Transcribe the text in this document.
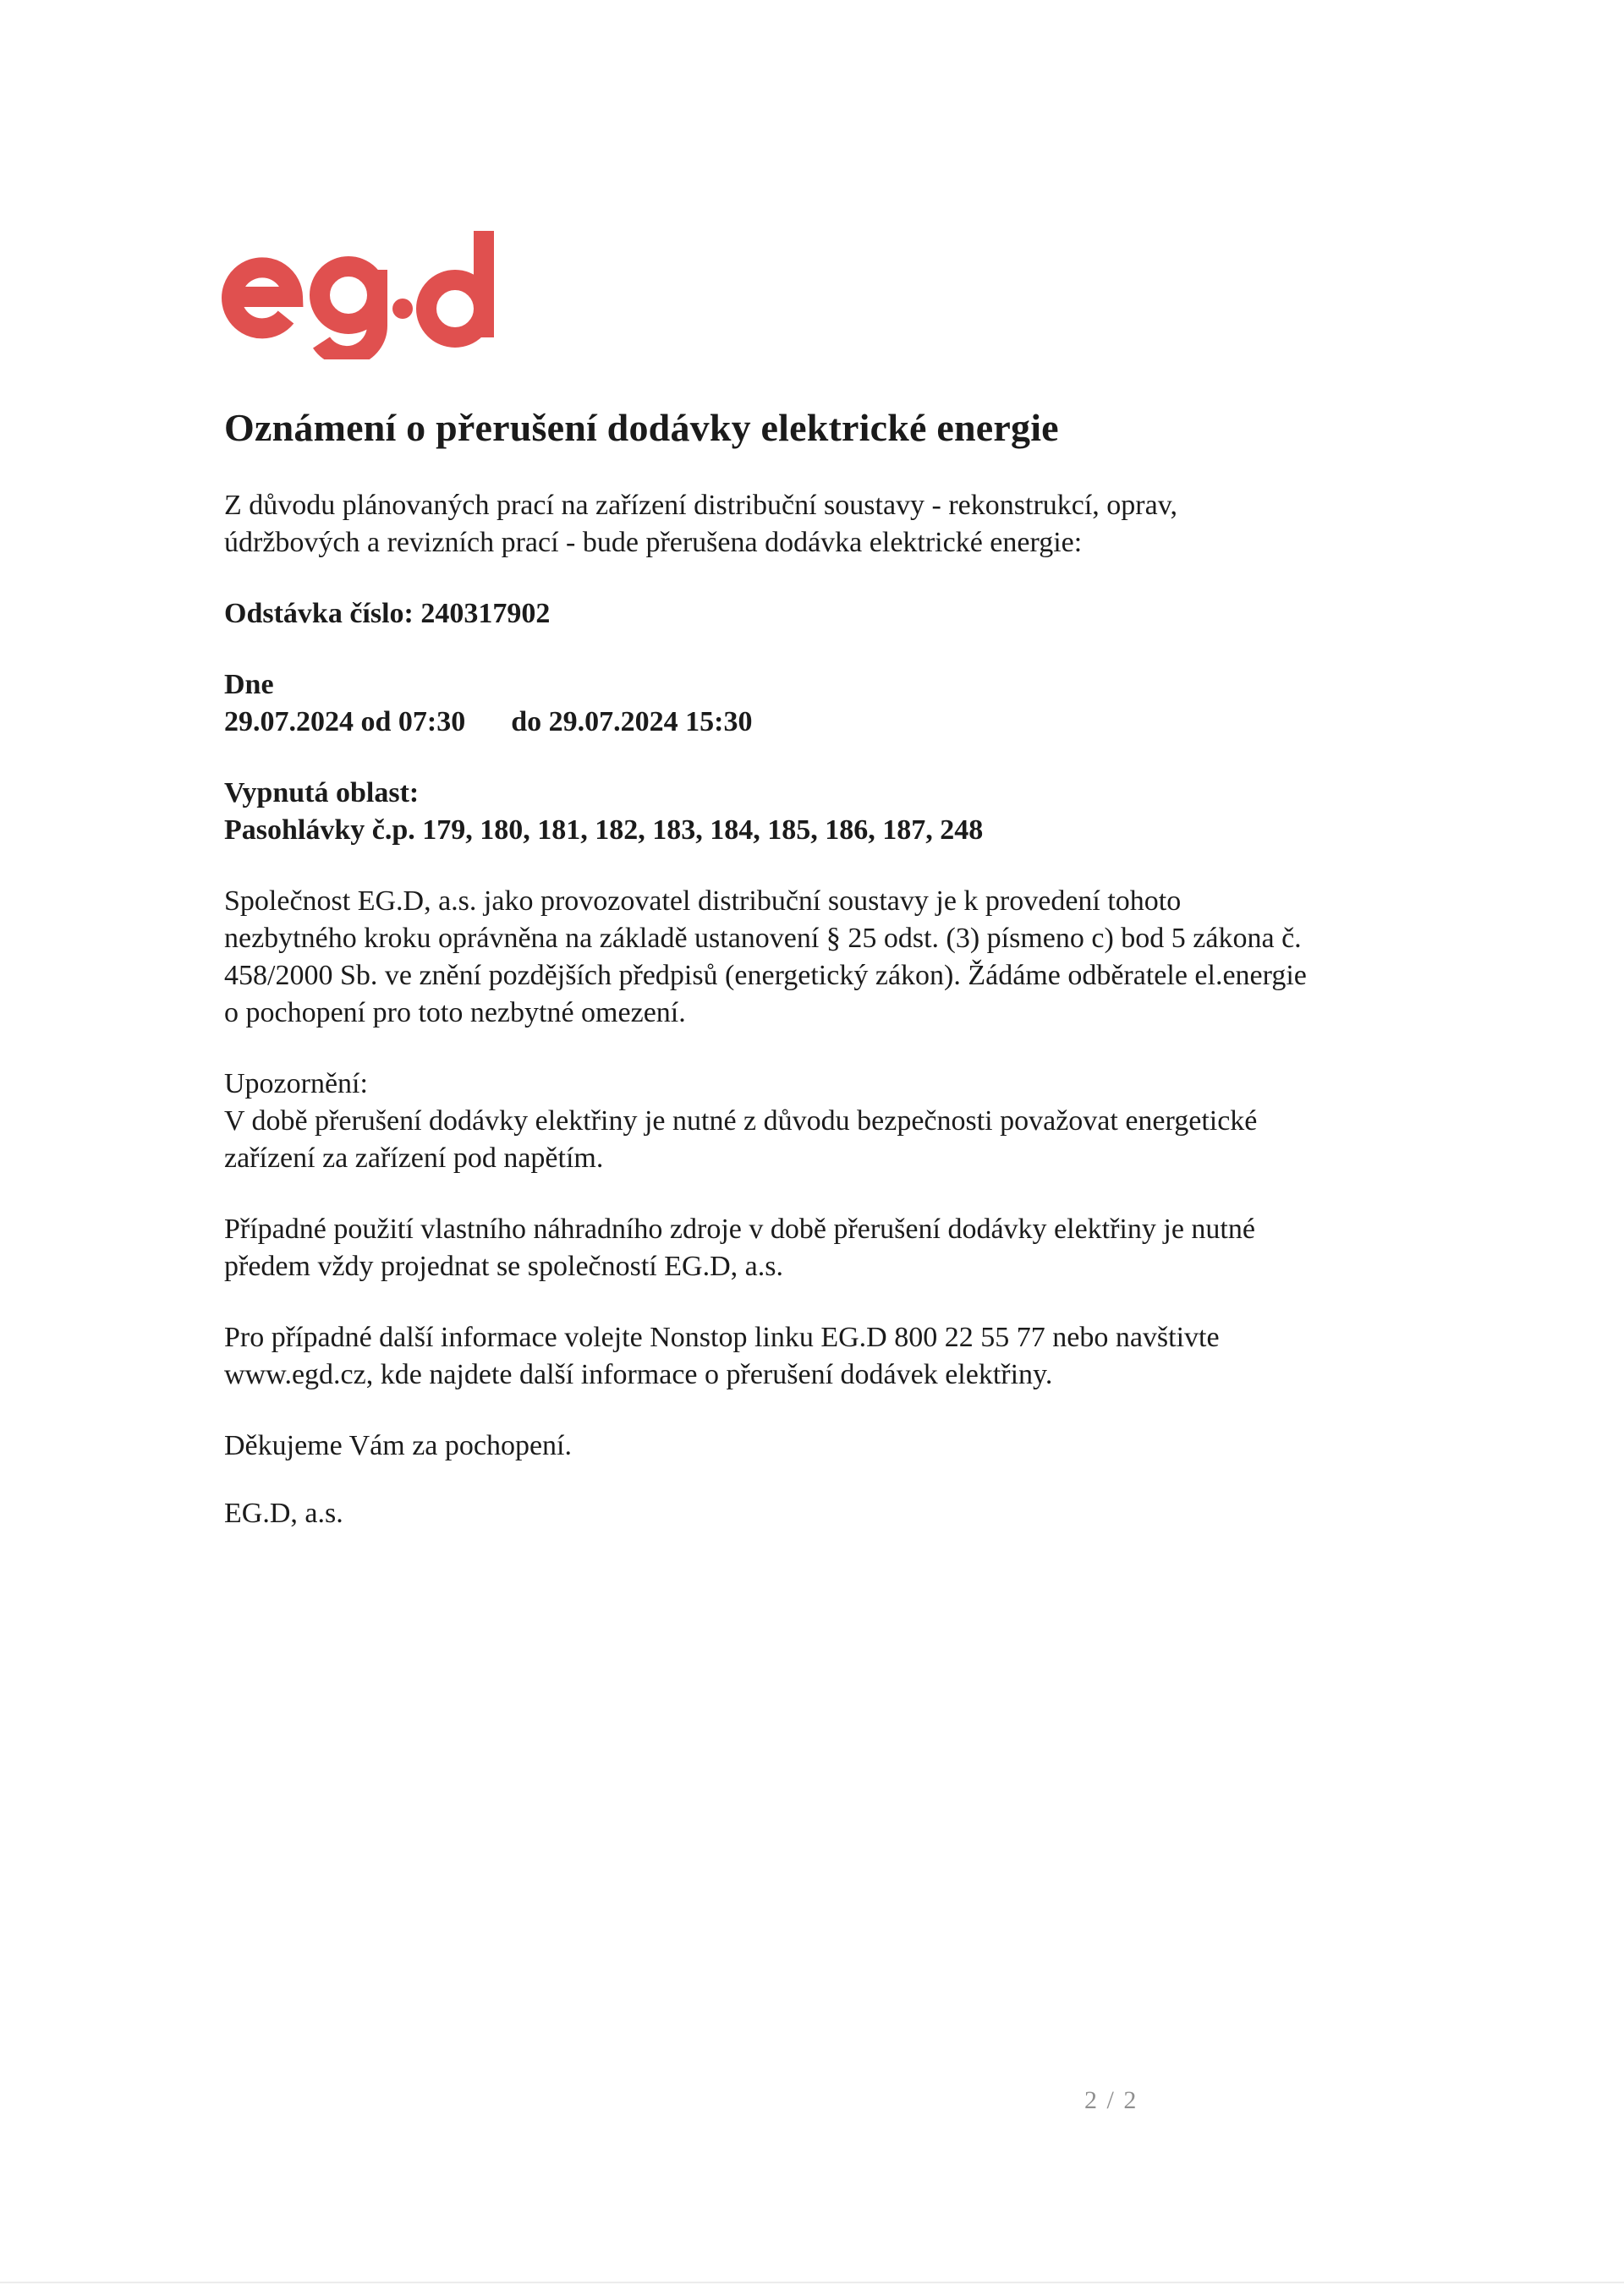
Oznámení o přerušení dodávky elektrické energie

Z důvodu plánovaných prací na zařízení distribuční soustavy - rekonstrukcí, oprav,
údržbových a revizních prací - bude přerušena dodávka elektrické energie:

Odstávka číslo: 240317902

Dne
29.07.2024 od 07:30 do 29.07.2024 15:30

Vypnutá oblast:
Pasohlávky č.p. 179, 180, 181, 182, 183, 184, 185, 186, 187, 248

Společnost EG.D, a.s. jako provozovatel distribuční soustavy je k provedení tohoto
nezbytného kroku oprávněna na základě ustanovení § 25 odst. (3) písmeno c) bod 5 zákona č.
458/2000 Sb. ve znění pozdějších předpisů (energetický zákon). Žádáme odběratele el.energie
o pochopení pro toto nezbytné omezení.

Upozornění:
V době přerušení dodávky elektřiny je nutné z důvodu bezpečnosti považovat energetické
zařízení za zařízení pod napětím.

Případné použití vlastního náhradního zdroje v době přerušení dodávky elektřiny je nutné
předem vždy projednat se společností EG.D, a.s.

Pro případné další informace volejte Nonstop linku EG.D 800 22 55 77 nebo navštivte
www.egd.cz, kde najdete další informace o přerušení dodávek elektřiny.

Děkujeme Vám za pochopení.

EG.D, a.s.

2 / 2
